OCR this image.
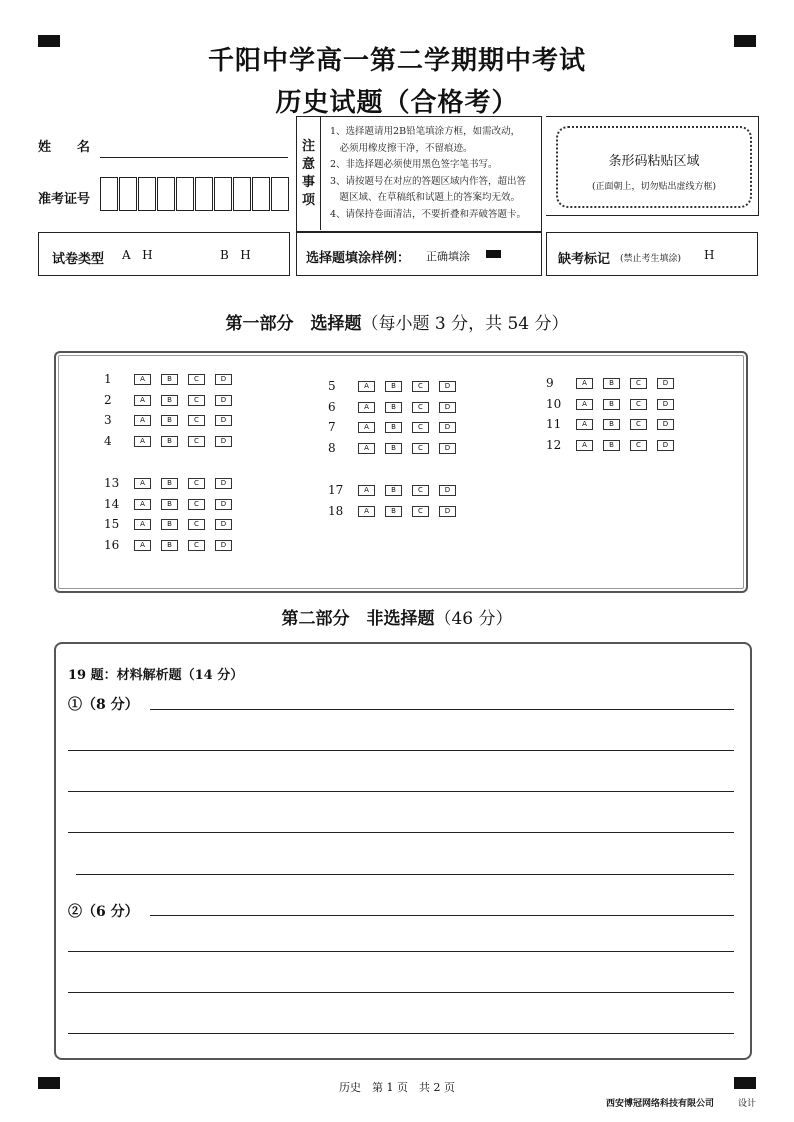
千阳中学高一第二学期期中考试
历史试题（合格考）
姓　　名
准考证号
注
意
事
项
1、选择题请用2B铅笔填涂方框，如需改动，
　必须用橡皮擦干净，不留痕迹。
2、非选择题必须使用黑色签字笔书写。
3、请按题号在对应的答题区域内作答，超出答
　题区域、在草稿纸和试题上的答案均无效。
4、请保持卷面清洁，不要折叠和弄破答题卡。
条形码粘贴区域
(正面朝上，切勿贴出虚线方框)
试卷类型 A H	B H	选择题填涂样例： 正确填涂	缺考标记 (禁止考生填涂) H
第一部分　选择题（每小题 3 分，共 54 分）
1	A	B	C	D
2	A	B	C	D
3	A	B	C	D
4	A	B	C	D
5	A	B	C	D
6	A	B	C	D
7	A	B	C	D
8	A	B	C	D
9	A	B	C	D
10	A	B	C	D
11	A	B	C	D
12	A	B	C	D
13	A	B	C	D
14	A	B	C	D
15	A	B	C	D
16	A	B	C	D
17	A	B	C	D
18	A	B	C	D
第二部分　非选择题（46 分）
19 题：材料解析题（14 分）
①（8 分）
②（6 分）
历史　第 1 页　共 2 页
西安博冠网络科技有限公司	设计
